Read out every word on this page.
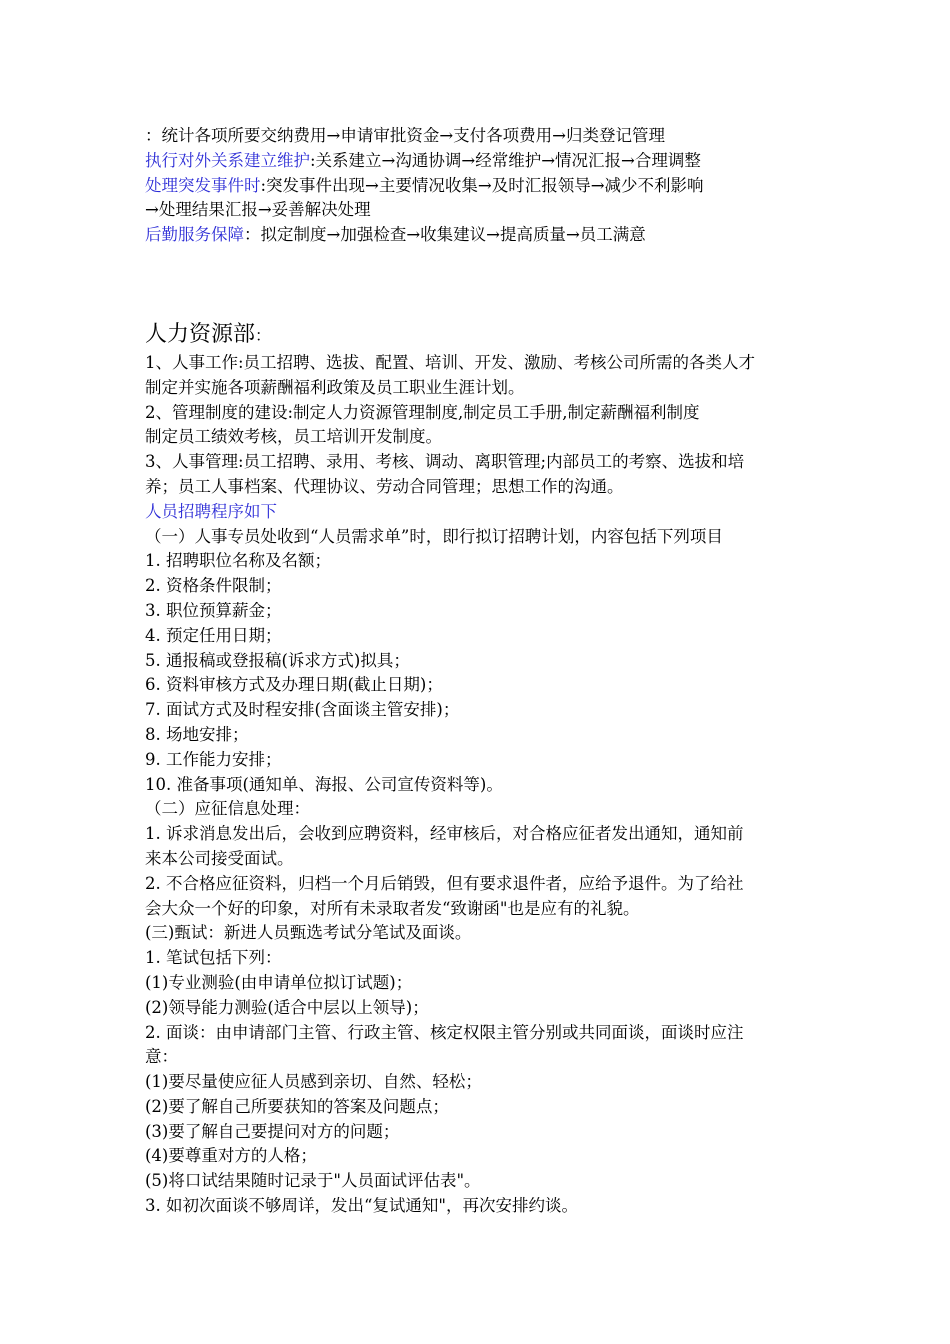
：统计各项所要交纳费用→申请审批资金→支付各项费用→归类登记管理
执行对外关系建立维护:关系建立→沟通协调→经常维护→情况汇报→合理调整
处理突发事件时:突发事件出现→主要情况收集→及时汇报领导→减少不利影响
→处理结果汇报→妥善解决处理
后勤服务保障：拟定制度→加强检查→收集建议→提高质量→员工满意
人力资源部：
1、人事工作:员工招聘、选拔、配置、培训、开发、激励、考核公司所需的各类人才
制定并实施各项薪酬福利政策及员工职业生涯计划。
2、管理制度的建设:制定人力资源管理制度,制定员工手册,制定薪酬福利制度
制定员工绩效考核，员工培训开发制度。
3、人事管理:员工招聘、录用、考核、调动、离职管理;内部员工的考察、选拔和培
养；员工人事档案、代理协议、劳动合同管理；思想工作的沟通。
人员招聘程序如下
（一）人事专员处收到“人员需求单”时，即行拟订招聘计划，内容包括下列项目
1. 招聘职位名称及名额；
2. 资格条件限制；
3. 职位预算薪金；
4. 预定任用日期；
5. 通报稿或登报稿(诉求方式)拟具；
6. 资料审核方式及办理日期(截止日期)；
7. 面试方式及时程安排(含面谈主管安排)；
8. 场地安排；
9. 工作能力安排；
10. 准备事项(通知单、海报、公司宣传资料等)。
（二）应征信息处理：
1. 诉求消息发出后，会收到应聘资料，经审核后，对合格应征者发出通知，通知前
来本公司接受面试。
2. 不合格应征资料，归档一个月后销毁，但有要求退件者，应给予退件。为了给社
会大众一个好的印象，对所有未录取者发“致谢函"也是应有的礼貌。
(三)甄试：新进人员甄选考试分笔试及面谈。
1. 笔试包括下列：
(1)专业测验(由申请单位拟订试题)；
(2)领导能力测验(适合中层以上领导)；
2. 面谈：由申请部门主管、行政主管、核定权限主管分别或共同面谈，面谈时应注
意：
(1)要尽量使应征人员感到亲切、自然、轻松；
(2)要了解自己所要获知的答案及问题点；
(3)要了解自己要提问对方的问题；
(4)要尊重对方的人格；
(5)将口试结果随时记录于"人员面试评估表"。
3. 如初次面谈不够周详，发出“复试通知"，再次安排约谈。
